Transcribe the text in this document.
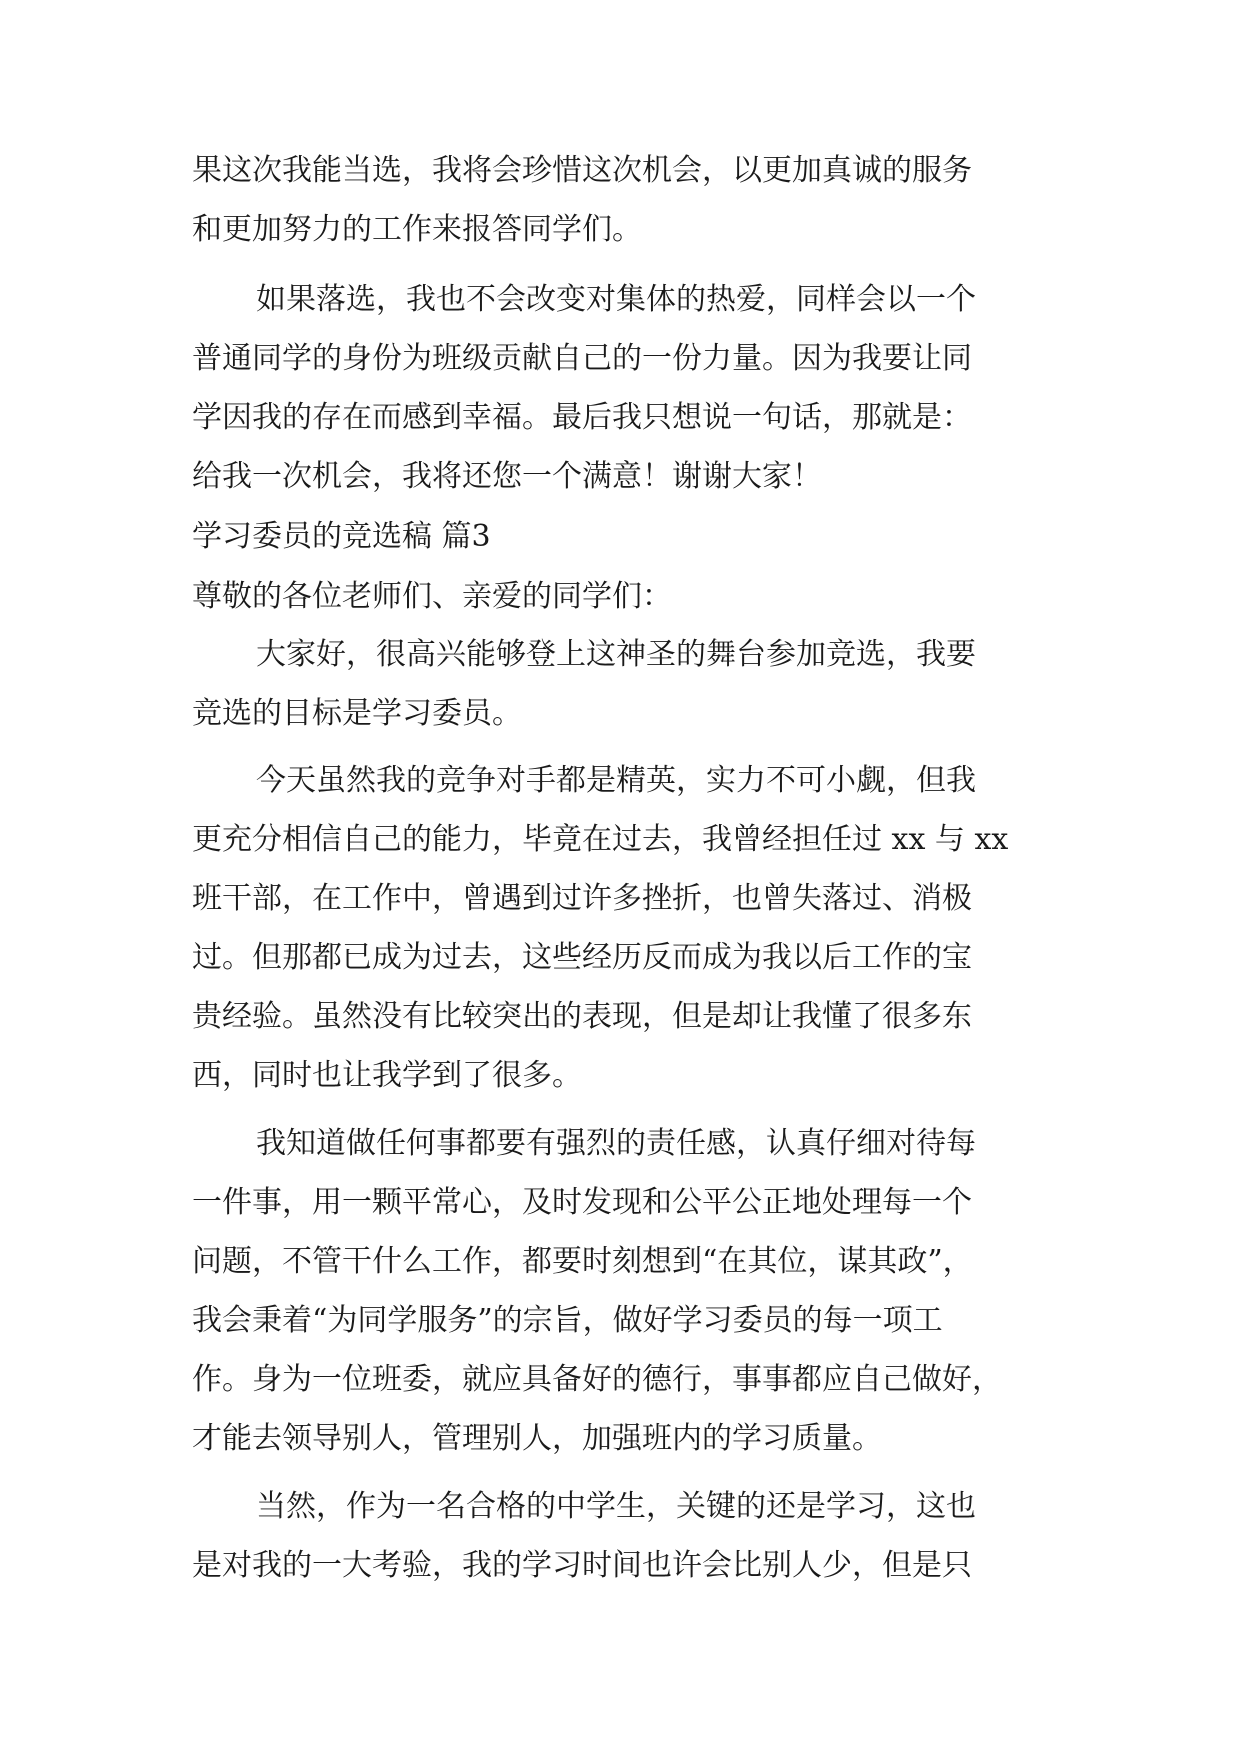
果这次我能当选，我将会珍惜这次机会，以更加真诚的服务
和更加努力的工作来报答同学们。
如果落选，我也不会改变对集体的热爱，同样会以一个
普通同学的身份为班级贡献自己的一份力量。因为我要让同
学因我的存在而感到幸福。最后我只想说一句话，那就是：
给我一次机会，我将还您一个满意！谢谢大家！
学习委员的竞选稿 篇3
尊敬的各位老师们、亲爱的同学们：
大家好，很高兴能够登上这神圣的舞台参加竞选，我要
竞选的目标是学习委员。
今天虽然我的竞争对手都是精英，实力不可小觑，但我
更充分相信自己的能力，毕竟在过去，我曾经担任过 xx 与 xx
班干部，在工作中，曾遇到过许多挫折，也曾失落过、消极
过。但那都已成为过去，这些经历反而成为我以后工作的宝
贵经验。虽然没有比较突出的表现，但是却让我懂了很多东
西，同时也让我学到了很多。
我知道做任何事都要有强烈的责任感，认真仔细对待每
一件事，用一颗平常心，及时发现和公平公正地处理每一个
问题，不管干什么工作，都要时刻想到“在其位，谋其政”，
我会秉着“为同学服务”的宗旨，做好学习委员的每一项工
作。身为一位班委，就应具备好的德行，事事都应自己做好，
才能去领导别人，管理别人，加强班内的学习质量。
当然，作为一名合格的中学生，关键的还是学习，这也
是对我的一大考验，我的学习时间也许会比别人少，但是只
